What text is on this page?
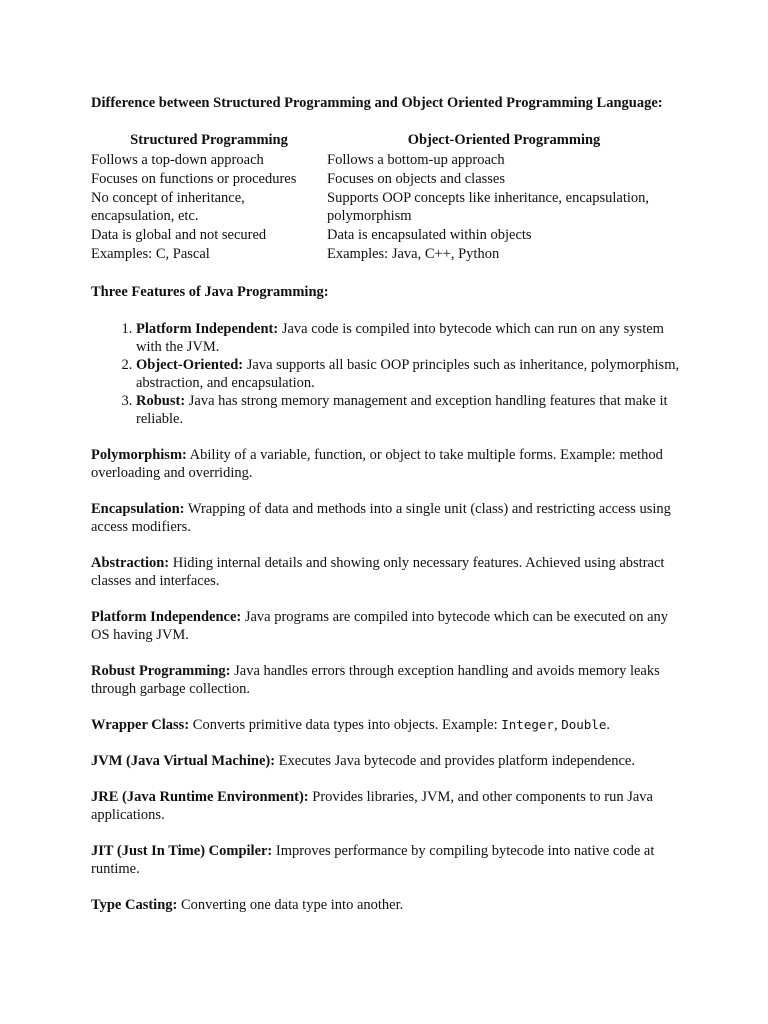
Difference between Structured Programming and Object Oriented Programming Language:

Structured Programming	Object-Oriented Programming
Follows a top-down approach	Follows a bottom-up approach
Focuses on functions or procedures	Focuses on objects and classes
No concept of inheritance, encapsulation, etc.	Supports OOP concepts like inheritance, encapsulation, polymorphism
Data is global and not secured	Data is encapsulated within objects
Examples: C, Pascal	Examples: Java, C++, Python

Three Features of Java Programming:

1. Platform Independent: Java code is compiled into bytecode which can run on any system with the JVM.
2. Object-Oriented: Java supports all basic OOP principles such as inheritance, polymorphism, abstraction, and encapsulation.
3. Robust: Java has strong memory management and exception handling features that make it reliable.

Polymorphism: Ability of a variable, function, or object to take multiple forms. Example: method overloading and overriding.

Encapsulation: Wrapping of data and methods into a single unit (class) and restricting access using access modifiers.

Abstraction: Hiding internal details and showing only necessary features. Achieved using abstract classes and interfaces.

Platform Independence: Java programs are compiled into bytecode which can be executed on any OS having JVM.

Robust Programming: Java handles errors through exception handling and avoids memory leaks through garbage collection.

Wrapper Class: Converts primitive data types into objects. Example: Integer, Double.

JVM (Java Virtual Machine): Executes Java bytecode and provides platform independence.

JRE (Java Runtime Environment): Provides libraries, JVM, and other components to run Java applications.

JIT (Just In Time) Compiler: Improves performance by compiling bytecode into native code at runtime.

Type Casting: Converting one data type into another.
